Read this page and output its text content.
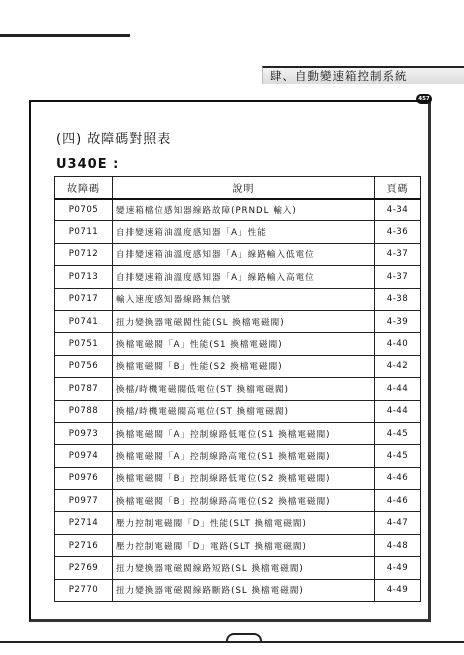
肆、自動變速箱控制系統
457
(四) 故障碼對照表
U340E :
故障碼	說明	頁碼
P0705	變速箱檔位感知器線路故障(PRNDL 輸入)	4-34
P0711	自排變速箱油溫度感知器「A」性能	4-36
P0712	自排變速箱油溫度感知器「A」線路輸入低電位	4-37
P0713	自排變速箱油溫度感知器「A」線路輸入高電位	4-37
P0717	輸入速度感知器線路無信號	4-38
P0741	扭力變換器電磁閥性能(SL 換檔電磁閥)	4-39
P0751	換檔電磁閥「A」性能(S1 換檔電磁閥)	4-40
P0756	換檔電磁閥「B」性能(S2 換檔電磁閥)	4-42
P0787	換檔/時機電磁閥低電位(ST 換檔電磁閥)	4-44
P0788	換檔/時機電磁閥高電位(ST 換檔電磁閥)	4-44
P0973	換檔電磁閥「A」控制線路低電位(S1 換檔電磁閥)	4-45
P0974	換檔電磁閥「A」控制線路高電位(S1 換檔電磁閥)	4-45
P0976	換檔電磁閥「B」控制線路低電位(S2 換檔電磁閥)	4-46
P0977	換檔電磁閥「B」控制線路高電位(S2 換檔電磁閥)	4-46
P2714	壓力控制電磁閥「D」性能(SLT 換檔電磁閥)	4-47
P2716	壓力控制電磁閥「D」電路(SLT 換檔電磁閥)	4-48
P2769	扭力變換器電磁閥線路短路(SL 換檔電磁閥)	4-49
P2770	扭力變換器電磁閥線路斷路(SL 換檔電磁閥)	4-49
